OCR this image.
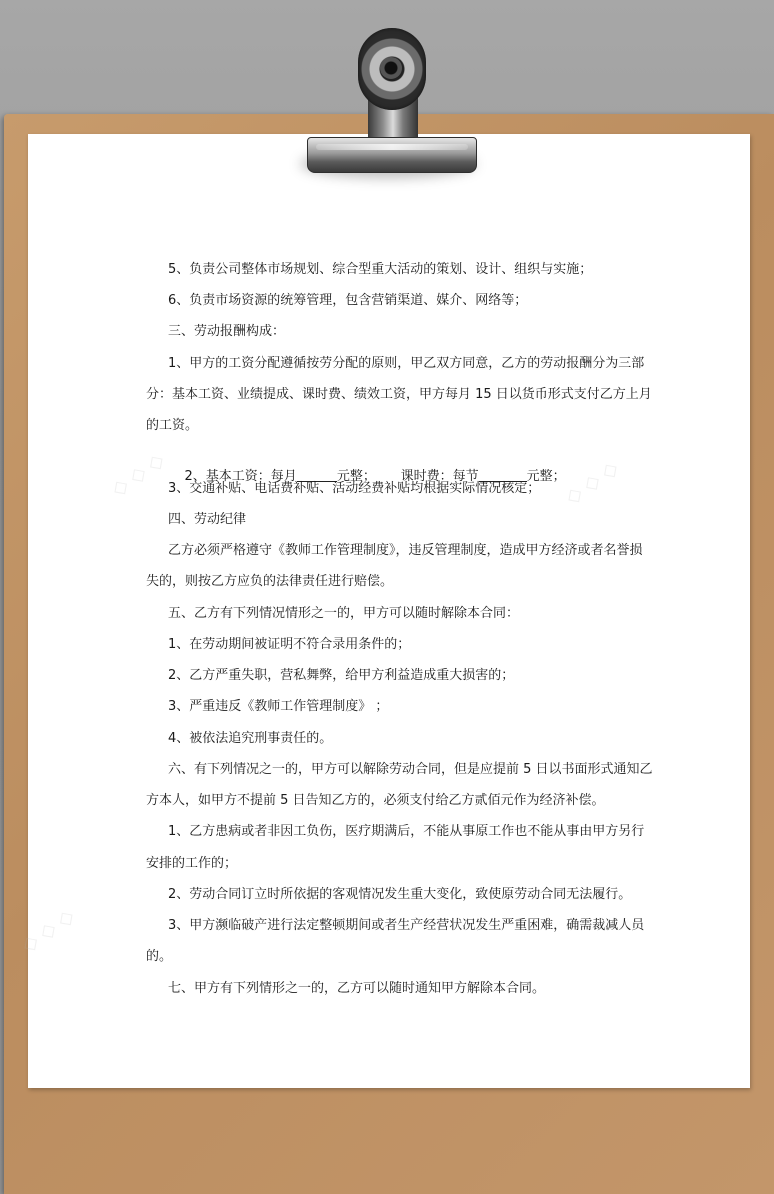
◇ ◇ ◇	◇ ◇ ◇
◇ ◇ ◇
5、负责公司整体市场规划、综合型重大活动的策划、设计、组织与实施；
6、负责市场资源的统筹管理，包含营销渠道、媒介、网络等；
三、劳动报酬构成：
1、甲方的工资分配遵循按劳分配的原则，甲乙双方同意，乙方的劳动报酬分为三部
分：基本工资、业绩提成、课时费、绩效工资，甲方每月 15 日以货币形式支付乙方上月
的工资。

2、基本工资：每月	元整； 课时费：每节	元整；

3、交通补贴、电话费补贴、活动经费补贴均根据实际情况核定；
四、劳动纪律
乙方必须严格遵守《教师工作管理制度》，违反管理制度，造成甲方经济或者名誉损
失的，则按乙方应负的法律责任进行赔偿。
五、乙方有下列情况情形之一的，甲方可以随时解除本合同：
1、在劳动期间被证明不符合录用条件的；
2、乙方严重失职，营私舞弊，给甲方利益造成重大损害的；
3、严重违反《教师工作管理制度》 ；
4、被依法追究刑事责任的。
六、有下列情况之一的，甲方可以解除劳动合同，但是应提前 5 日以书面形式通知乙
方本人，如甲方不提前 5 日告知乙方的，必须支付给乙方贰佰元作为经济补偿。
1、乙方患病或者非因工负伤，医疗期满后，不能从事原工作也不能从事由甲方另行
安排的工作的；
2、劳动合同订立时所依据的客观情况发生重大变化，致使原劳动合同无法履行。
3、甲方濒临破产进行法定整顿期间或者生产经营状况发生严重困难，确需裁减人员
的。
七、甲方有下列情形之一的，乙方可以随时通知甲方解除本合同。
